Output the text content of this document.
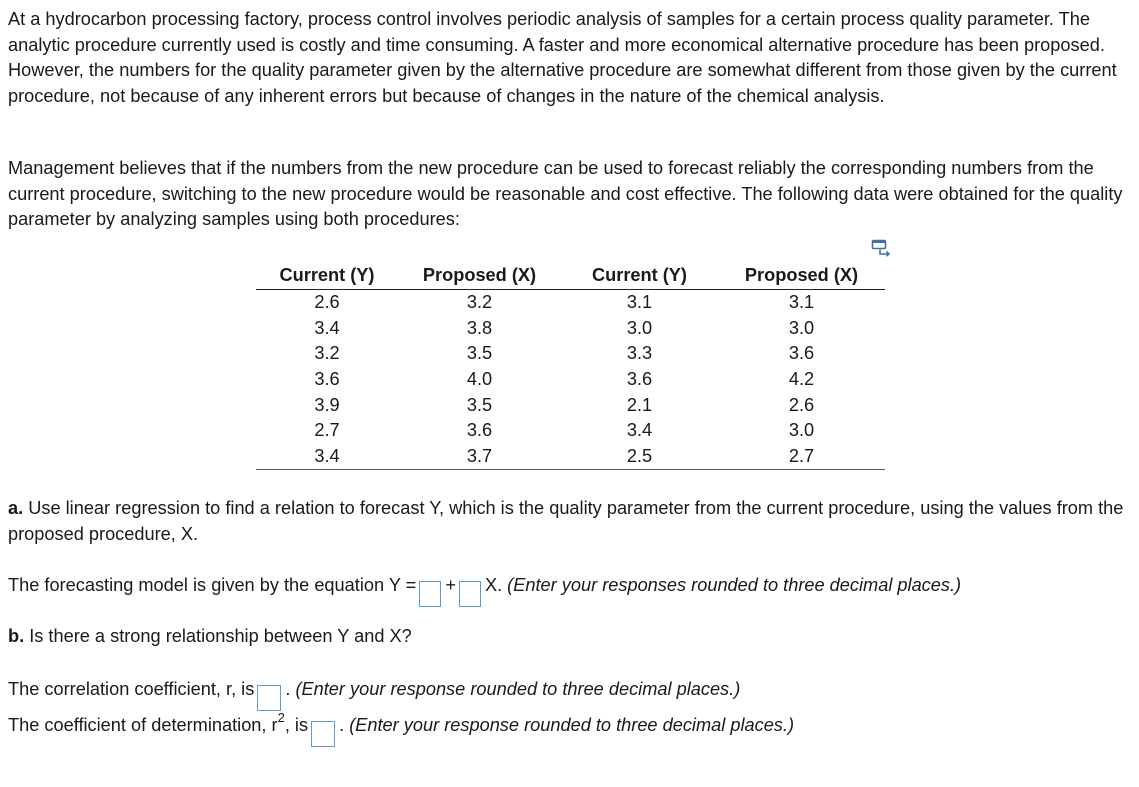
At a hydrocarbon processing factory, process control involves periodic analysis of samples for a certain process quality parameter. The analytic procedure currently used is costly and time consuming. A faster and more economical alternative procedure has been proposed. However, the numbers for the quality parameter given by the alternative procedure are somewhat different from those given by the current procedure, not because of any inherent errors but because of changes in the nature of the chemical analysis.

Management believes that if the numbers from the new procedure can be used to forecast reliably the corresponding numbers from the current procedure, switching to the new procedure would be reasonable and cost effective. The following data were obtained for the quality parameter by analyzing samples using both procedures:

Current (Y)	Proposed (X)	Current (Y)	Proposed (X)
2.6	3.2	3.1	3.1
3.4	3.8	3.0	3.0
3.2	3.5	3.3	3.6
3.6	4.0	3.6	4.2
3.9	3.5	2.1	2.6
2.7	3.6	3.4	3.0
3.4	3.7	2.5	2.7

a. Use linear regression to find a relation to forecast Y, which is the quality parameter from the current procedure, using the values from the proposed procedure, X.

The forecasting model is given by the equation Y = + X. (Enter your responses rounded to three decimal places.)

b. Is there a strong relationship between Y and X?

The correlation coefficient, r, is . (Enter your response rounded to three decimal places.)

The coefficient of determination, $r^2$, is . (Enter your response rounded to three decimal places.)
